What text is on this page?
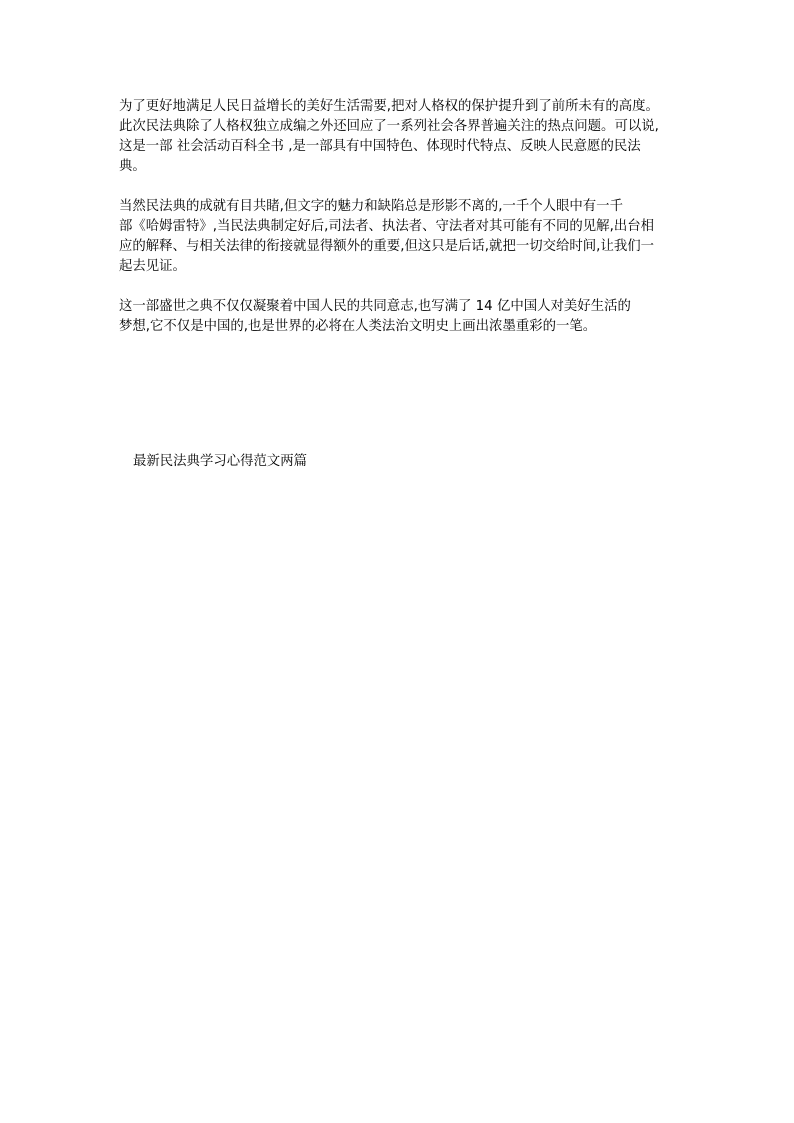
为了更好地满足人民日益增长的美好生活需要,把对人格权的保护提升到了前所未有的高度。
此次民法典除了人格权独立成编之外还回应了一系列社会各界普遍关注的热点问题。可以说,
这是一部 社会活动百科全书 ,是一部具有中国特色、体现时代特点、反映人民意愿的民法
典。
当然民法典的成就有目共睹,但文字的魅力和缺陷总是形影不离的,一千个人眼中有一千
部《哈姆雷特》,当民法典制定好后,司法者、执法者、守法者对其可能有不同的见解,出台相
应的解释、与相关法律的衔接就显得额外的重要,但这只是后话,就把一切交给时间,让我们一
起去见证。
这一部盛世之典不仅仅凝聚着中国人民的共同意志,也写满了 14 亿中国人对美好生活的
梦想,它不仅是中国的,也是世界的必将在人类法治文明史上画出浓墨重彩的一笔。
最新民法典学习心得范文两篇
